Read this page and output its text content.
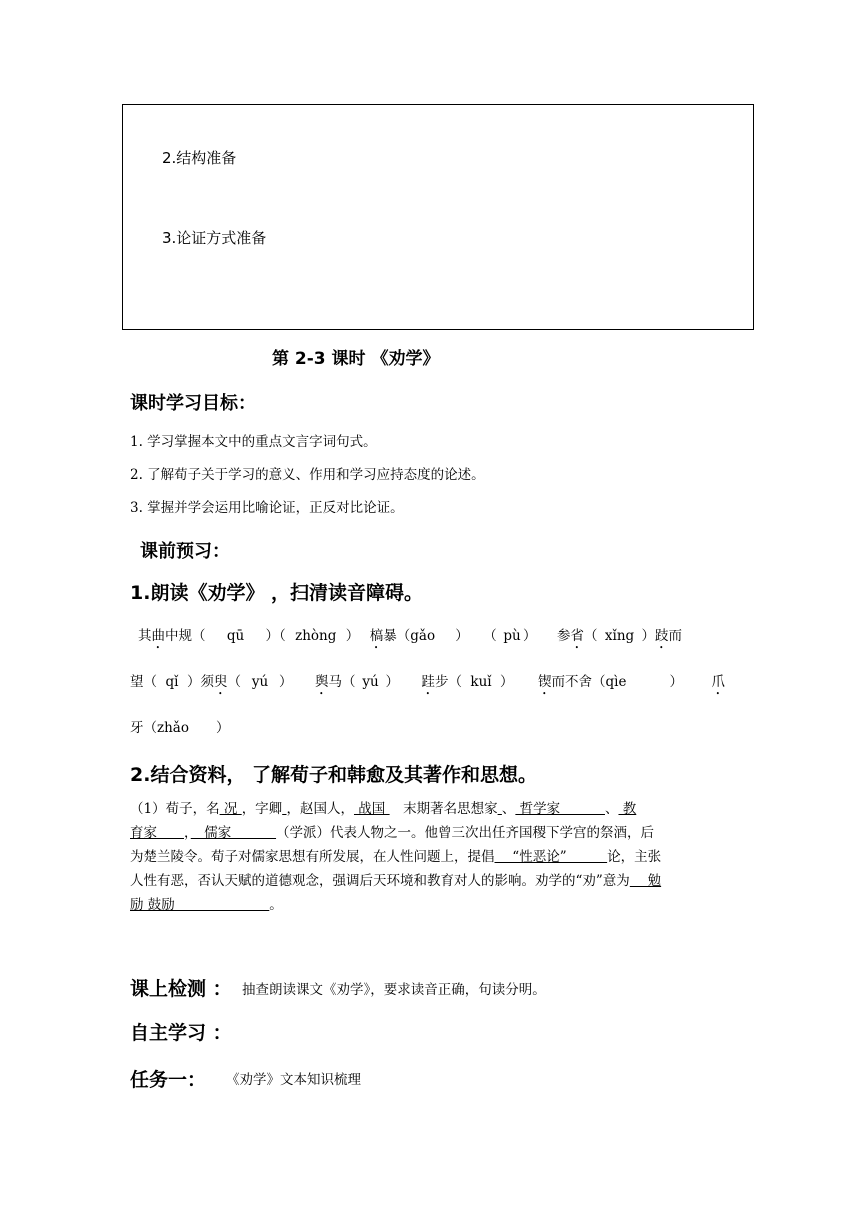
2.结构准备
3.论证方式准备
第 2-3 课时 《劝学》
课时学习目标：
1. 学习掌握本文中的重点文言字词句式。
2. 了解荀子关于学习的意义、作用和学习应持态度的论述。
3. 掌握并学会运用比喻论证，正反对比论证。
课前预习：
1.朗读《劝学》 ，扫清读音障碍。
其曲中规（ qū ）（ zhòng ） 槁暴（gǎo ） （ pù） 参省（ xǐng ）跂而
望（ qǐ ）须臾（ yú ） 舆马（ yú ） 跬步（ kuǐ ） 锲而不舍（qìe	） 爪
牙（zhǎo　　）
2.结合资料， 了解荀子和韩愈及其著作和思想。
（1）荀子，名 况 ，字卿 ，赵国人， 战国 　末期著名思想家 、 哲学家　　　 、 教
育家　　 ，　儒家　　　 （学派）代表人物之一。他曾三次出任齐国稷下学宫的祭酒，后
为楚兰陵令。荀子对儒家思想有所发展，在人性问题上，提倡　 “性恶论”　　　论，主张
人性有恶，否认天赋的道德观念，强调后天环境和教育对人的影响。劝学的“劝”意为　 勉
励 鼓励　　　　　　　。
课上检测 ： 抽查朗读课文《劝学》，要求读音正确，句读分明。
自主学习 ：
任务一： 《劝学》文本知识梳理
